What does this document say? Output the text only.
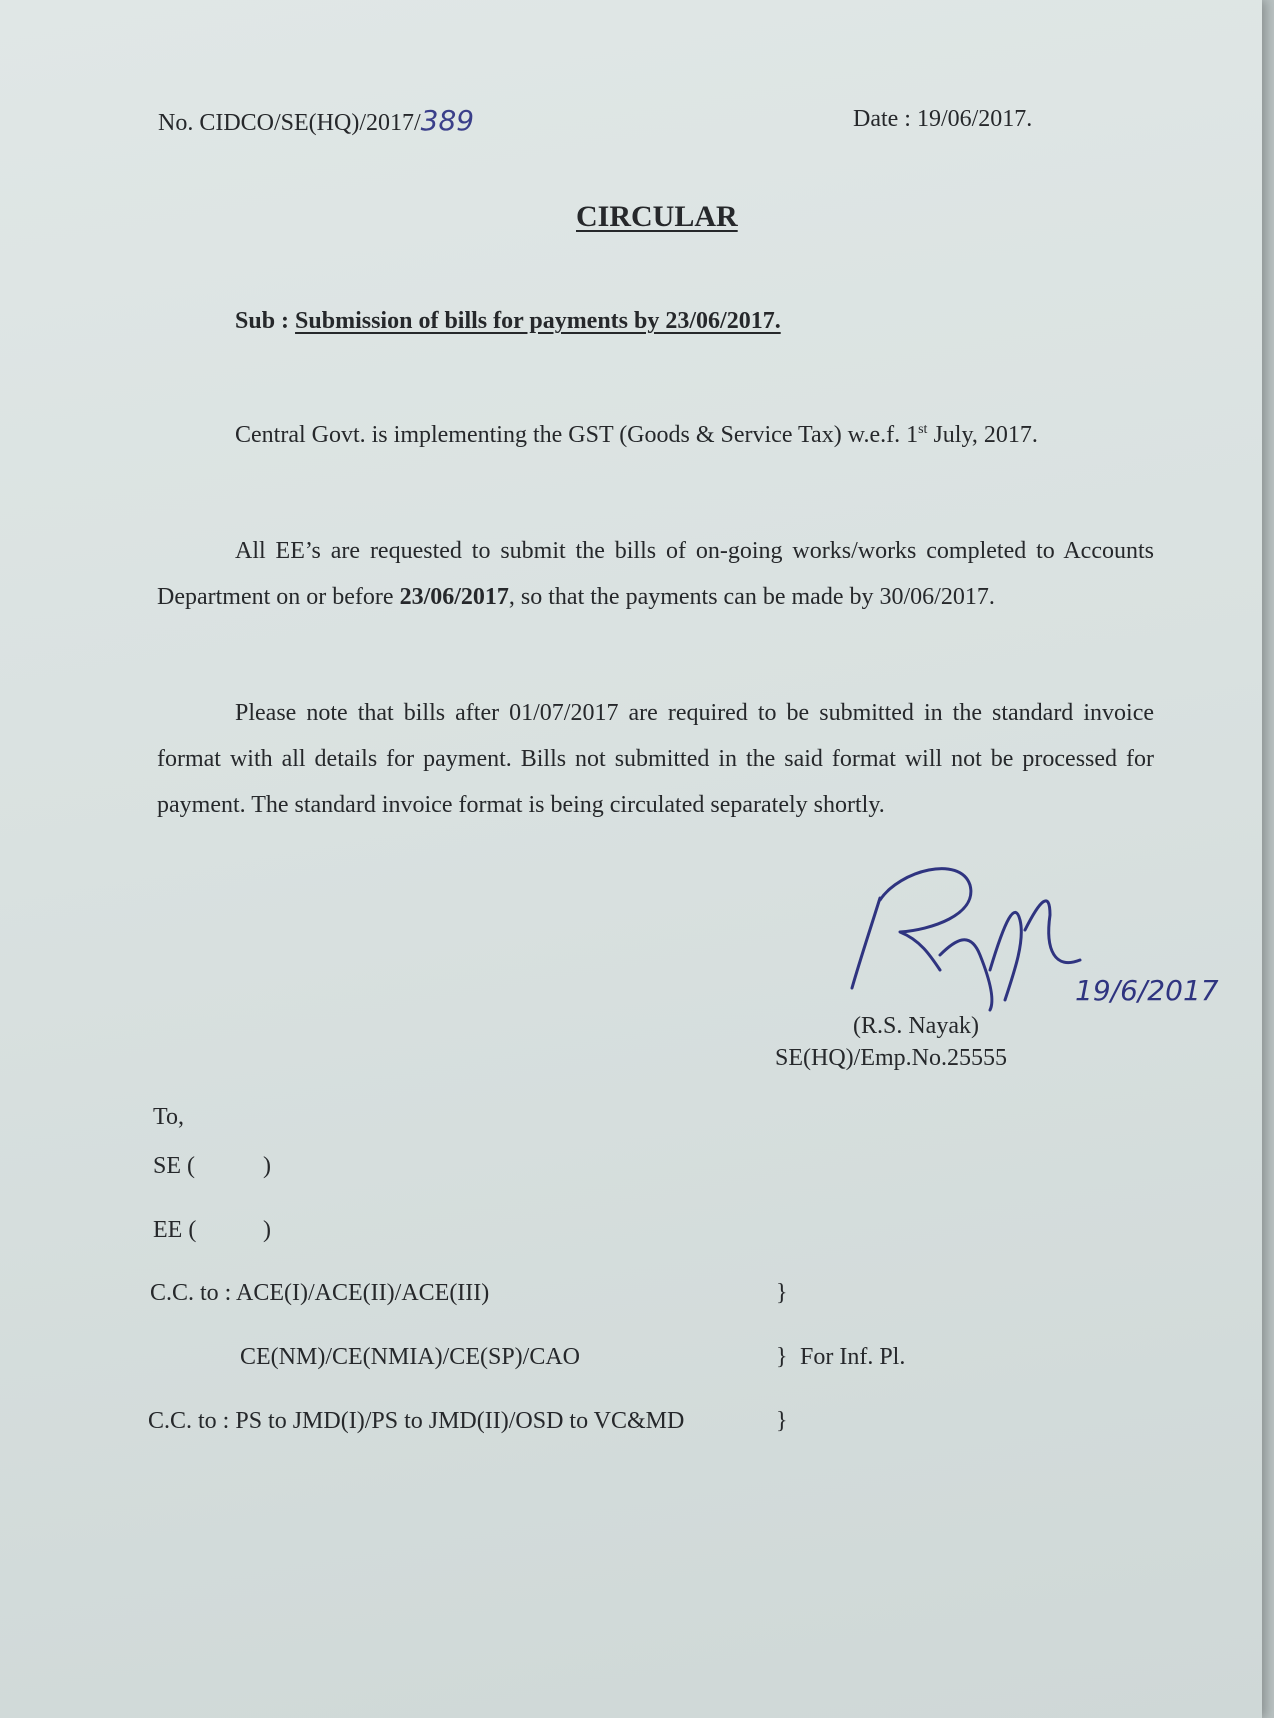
No. CIDCO/SE(HQ)/2017/389	Date : 19/06/2017.
CIRCULAR
Sub : Submission of bills for payments by 23/06/2017.
Central Govt. is implementing the GST (Goods & Service Tax) w.e.f. 1st July, 2017.
All EE’s are requested to submit the bills of on-going works/works completed to Accounts Department on or before 23/06/2017, so that the payments can be made by 30/06/2017.
Please note that bills after 01/07/2017 are required to be submitted in the standard invoice format with all details for payment. Bills not submitted in the said format will not be processed for payment. The standard invoice format is being circulated separately shortly.
19/6/2017
(R.S. Nayak)
SE(HQ)/Emp.No.25555
To,
SE (	)
EE (	)
C.C. to : ACE(I)/ACE(II)/ACE(III)	}
CE(NM)/CE(NMIA)/CE(SP)/CAO	} For Inf. Pl.
C.C. to : PS to JMD(I)/PS to JMD(II)/OSD to VC&MD	}
